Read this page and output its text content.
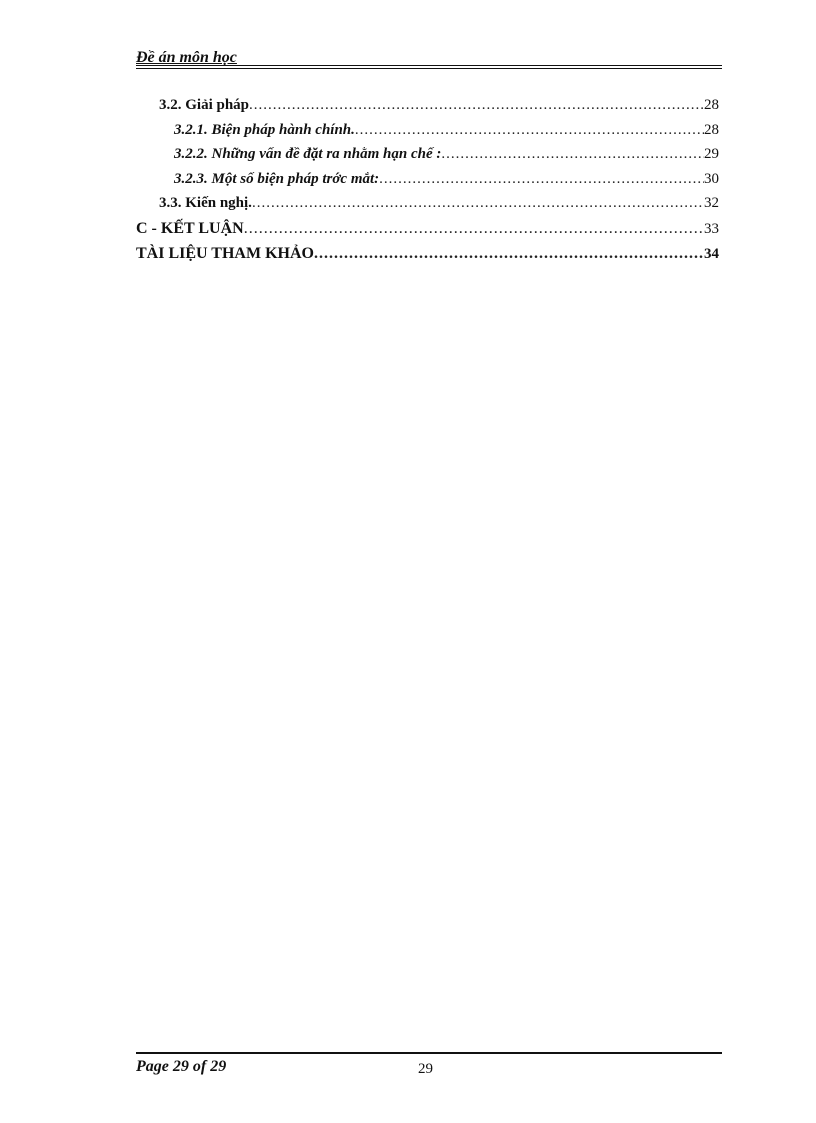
Đề án môn học
3.2. Giải pháp .....	28
3.2.1. Biện pháp hành chính. .....	28
3.2.2. Những vấn đề đặt ra nhằm hạn chế : .....	29
3.2.3. Một số biện pháp trớc mắt: .....	30
3.3. Kiến nghị. .....	32
C - KẾT LUẬN .....	33
TÀI LIỆU THAM KHẢO .....	34
Page 29 of 29	29
